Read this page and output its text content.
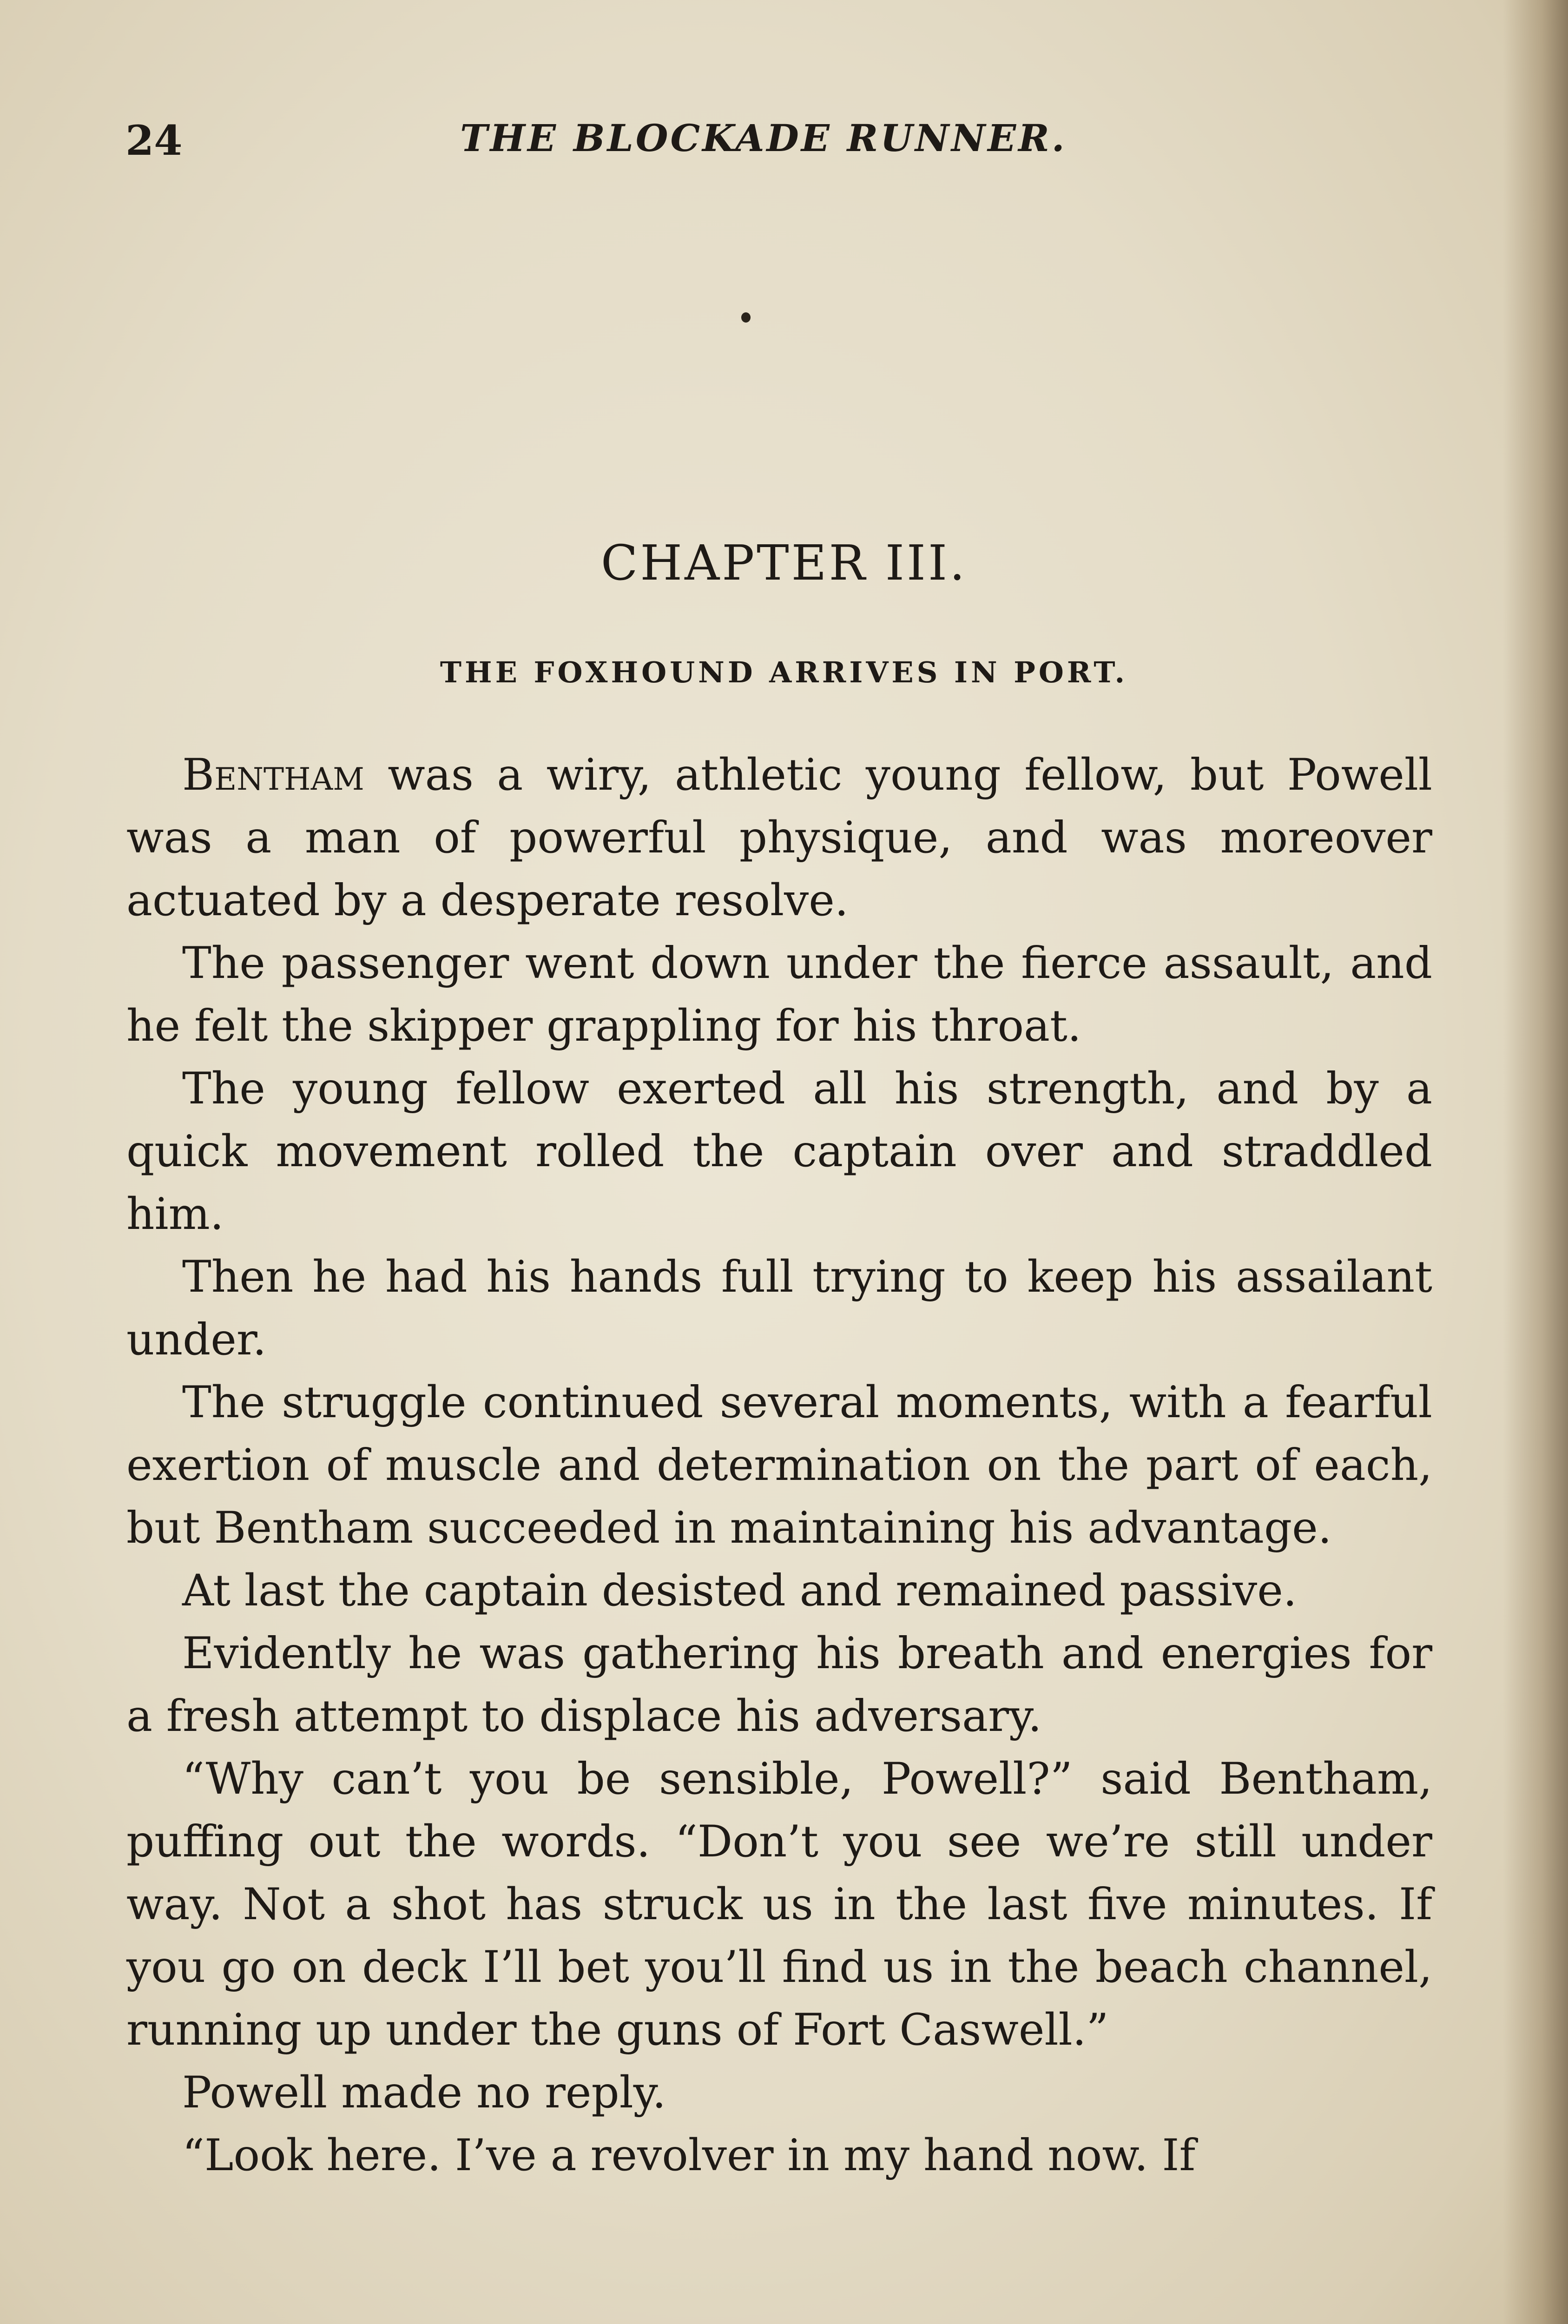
24	THE BLOCKADE RUNNER.
CHAPTER III.
THE FOXHOUND ARRIVES IN PORT.

Bentham was a wiry, athletic young fellow, but Powell was a man of powerful physique, and was moreover actuated by a desperate resolve.

The passenger went down under the fierce assault, and he felt the skipper grappling for his throat.

The young fellow exerted all his strength, and by a quick movement rolled the captain over and straddled him.

Then he had his hands full trying to keep his assailant under.

The struggle continued several moments, with a fearful exertion of muscle and determination on the part of each, but Bentham succeeded in maintaining his advantage.

At last the captain desisted and remained passive.

Evidently he was gathering his breath and energies for a fresh attempt to displace his adversary.

“Why can’t you be sensible, Powell?” said Bentham, puffing out the words. “Don’t you see we’re still under way. Not a shot has struck us in the last five minutes. If you go on deck I’ll bet you’ll find us in the beach channel, running up under the guns of Fort Caswell.”

Powell made no reply.

“Look here. I’ve a revolver in my hand now. If
